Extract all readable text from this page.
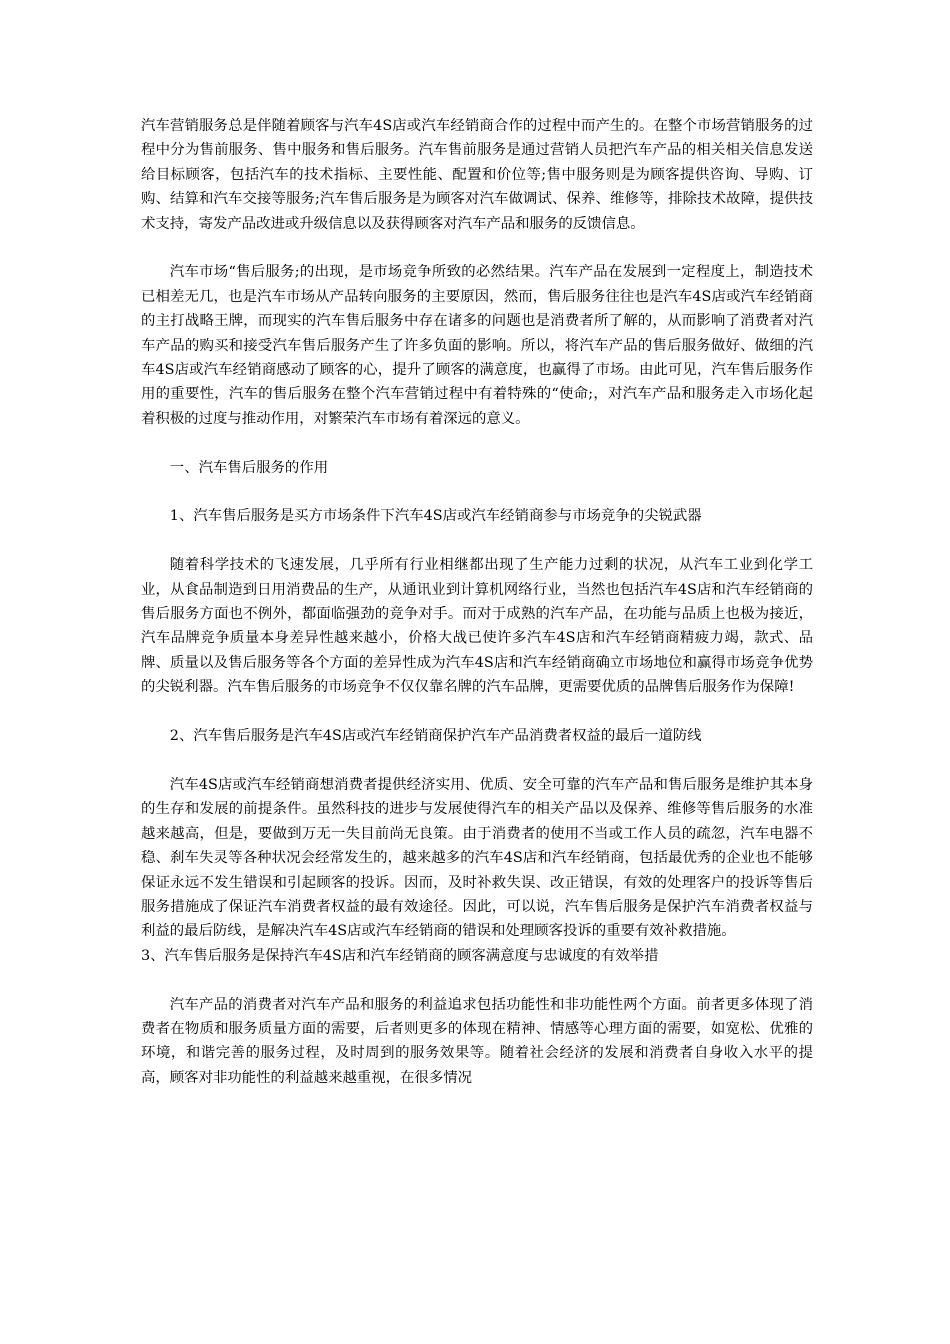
汽车营销服务总是伴随着顾客与汽车4S店或汽车经销商合作的过程中而产生的。在整个市场营销服务的过程中分为售前服务、售中服务和售后服务。汽车售前服务是通过营销人员把汽车产品的相关相关信息发送给目标顾客，包括汽车的技术指标、主要性能、配置和价位等;售中服务则是为顾客提供咨询、导购、订购、结算和汽车交接等服务;汽车售后服务是为顾客对汽车做调试、保养、维修等，排除技术故障，提供技术支持，寄发产品改进或升级信息以及获得顾客对汽车产品和服务的反馈信息。

汽车市场“售后服务;的出现，是市场竞争所致的必然结果。汽车产品在发展到一定程度上，制造技术已相差无几，也是汽车市场从产品转向服务的主要原因，然而，售后服务往往也是汽车4S店或汽车经销商的主打战略王牌，而现实的汽车售后服务中存在诸多的问题也是消费者所了解的，从而影响了消费者对汽车产品的购买和接受汽车售后服务产生了许多负面的影响。所以，将汽车产品的售后服务做好、做细的汽车4S店或汽车经销商感动了顾客的心，提升了顾客的满意度，也赢得了市场。由此可见，汽车售后服务作用的重要性，汽车的售后服务在整个汽车营销过程中有着特殊的“使命;，对汽车产品和服务走入市场化起着积极的过度与推动作用，对繁荣汽车市场有着深远的意义。

一、汽车售后服务的作用

1、汽车售后服务是买方市场条件下汽车4S店或汽车经销商参与市场竞争的尖锐武器

随着科学技术的飞速发展，几乎所有行业相继都出现了生产能力过剩的状况，从汽车工业到化学工业，从食品制造到日用消费品的生产，从通讯业到计算机网络行业，当然也包括汽车4S店和汽车经销商的售后服务方面也不例外，都面临强劲的竞争对手。而对于成熟的汽车产品，在功能与品质上也极为接近，汽车品牌竞争质量本身差异性越来越小，价格大战已使许多汽车4S店和汽车经销商精疲力竭，款式、品牌、质量以及售后服务等各个方面的差异性成为汽车4S店和汽车经销商确立市场地位和赢得市场竞争优势的尖锐利器。汽车售后服务的市场竞争不仅仅靠名牌的汽车品牌，更需要优质的品牌售后服务作为保障!

2、汽车售后服务是汽车4S店或汽车经销商保护汽车产品消费者权益的最后一道防线

汽车4S店或汽车经销商想消费者提供经济实用、优质、安全可靠的汽车产品和售后服务是维护其本身的生存和发展的前提条件。虽然科技的进步与发展使得汽车的相关产品以及保养、维修等售后服务的水准越来越高，但是，要做到万无一失目前尚无良策。由于消费者的使用不当或工作人员的疏忽，汽车电器不稳、刹车失灵等各种状况会经常发生的，越来越多的汽车4S店和汽车经销商，包括最优秀的企业也不能够保证永远不发生错误和引起顾客的投诉。因而，及时补救失误、改正错误，有效的处理客户的投诉等售后服务措施成了保证汽车消费者权益的最有效途径。因此，可以说，汽车售后服务是保护汽车消费者权益与利益的最后防线，是解决汽车4S店或汽车经销商的错误和处理顾客投诉的重要有效补救措施。

3、汽车售后服务是保持汽车4S店和汽车经销商的顾客满意度与忠诚度的有效举措

汽车产品的消费者对汽车产品和服务的利益追求包括功能性和非功能性两个方面。前者更多体现了消费者在物质和服务质量方面的需要，后者则更多的体现在精神、情感等心理方面的需要，如宽松、优雅的环境，和谐完善的服务过程，及时周到的服务效果等。随着社会经济的发展和消费者自身收入水平的提高，顾客对非功能性的利益越来越重视，在很多情况
